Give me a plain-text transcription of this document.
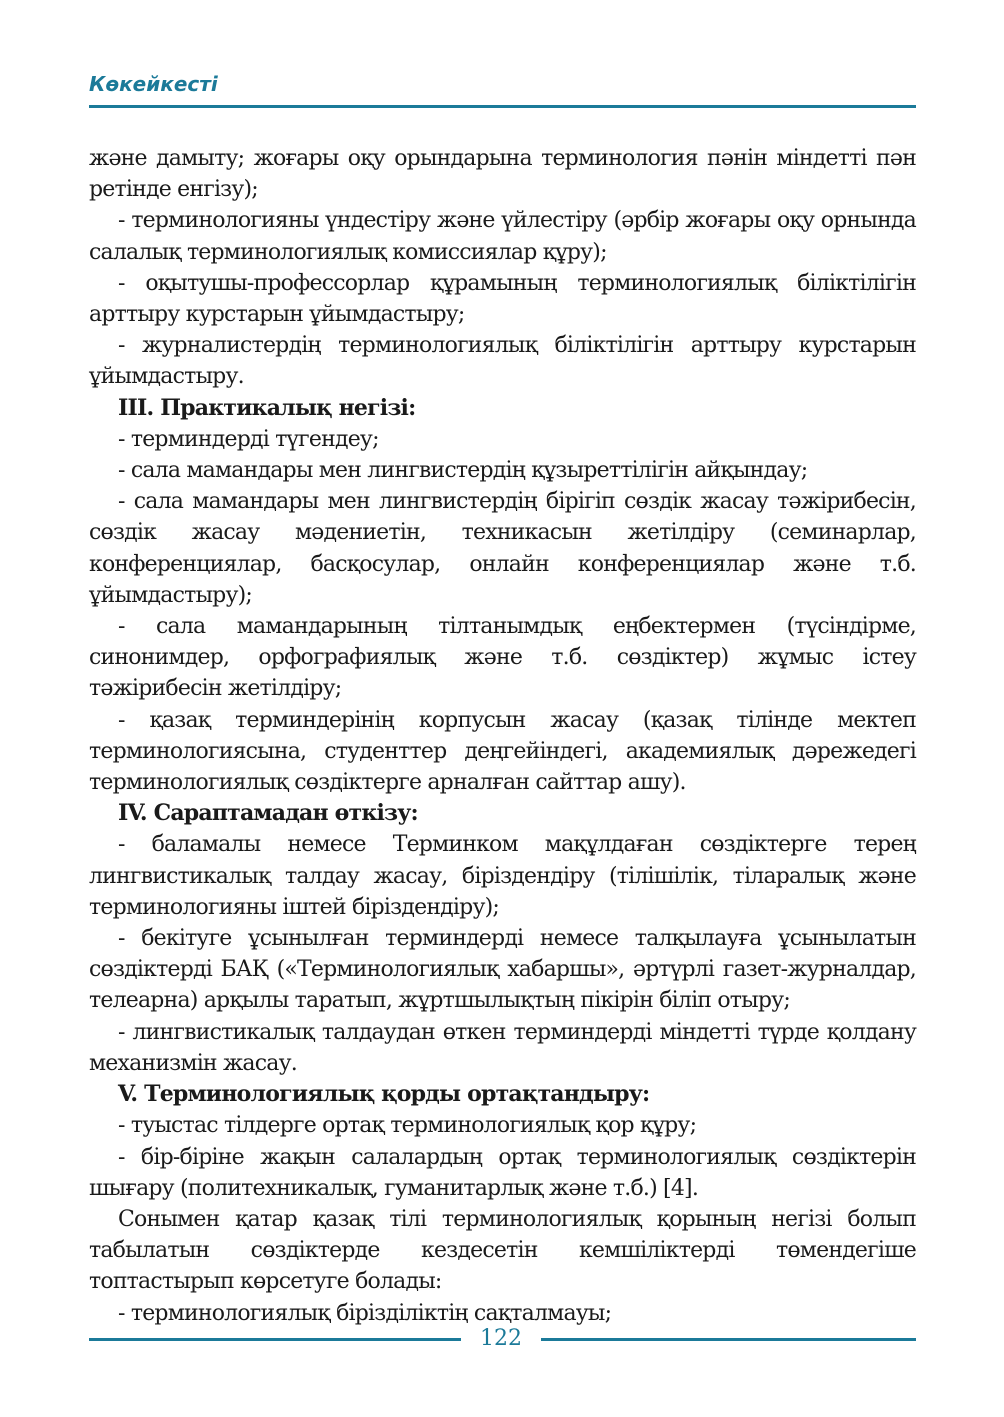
Көкейкесті

және дамыту; жоғары оқу орындарына терминология пәнін міндетті пән ретінде енгізу);

- терминологияны үндестіру және үйлестіру (әрбір жоғары оқу орнында салалық терминологиялық комиссиялар құру);

- оқытушы-профессорлар құрамының терминологиялық біліктілігін арттыру курстарын ұйымдастыру;

- журналистердің терминологиялық біліктілігін арттыру курстарын ұйымдастыру.

ІІІ. Практикалық негізі:

- терминдерді түгендеу;

- сала мамандары мен лингвистердің құзыреттілігін айқындау;

- сала мамандары мен лингвистердің бірігіп сөздік жасау тәжірибесін, сөздік жасау мәдениетін, техникасын жетілдіру (семинарлар, конференциялар, басқосулар, онлайн конференциялар және т.б. ұйымдастыру);

- сала мамандарының тілтанымдық еңбектермен (түсіндірме, синонимдер, орфографиялық және т.б. сөздіктер) жұмыс істеу тәжірибесін жетілдіру;

- қазақ терминдерінің корпусын жасау (қазақ тілінде мектеп терминологиясына, студенттер деңгейіндегі, академиялық дәрежедегі терминологиялық сөздіктерге арналған сайттар ашу).

ІV. Сараптамадан өткізу:

- баламалы немесе Терминком мақұлдаған сөздіктерге терең лингвистикалық талдау жасау, біріздендіру (тілішілік, тіларалық және терминологияны іштей біріздендіру);

- бекітуге ұсынылған терминдерді немесе талқылауға ұсынылатын сөздіктерді БАҚ («Терминологиялық хабаршы», әртүрлі газет-журналдар, телеарна) арқылы таратып, жұртшылықтың пікірін біліп отыру;

- лингвистикалық талдаудан өткен терминдерді міндетті түрде қолдану механизмін жасау.

V. Терминологиялық қорды ортақтандыру:

- туыстас тілдерге ортақ терминологиялық қор құру;

- бір-біріне жақын салалардың ортақ терминологиялық сөздіктерін шығару (политехникалық, гуманитарлық және т.б.) [4].

Сонымен қатар қазақ тілі терминологиялық қорының негізі болып табылатын сөздіктерде кездесетін кемшіліктерді төмендегіше топтастырып көрсетуге болады:

- терминологиялық біріздiліктің сақталмауы;

122
